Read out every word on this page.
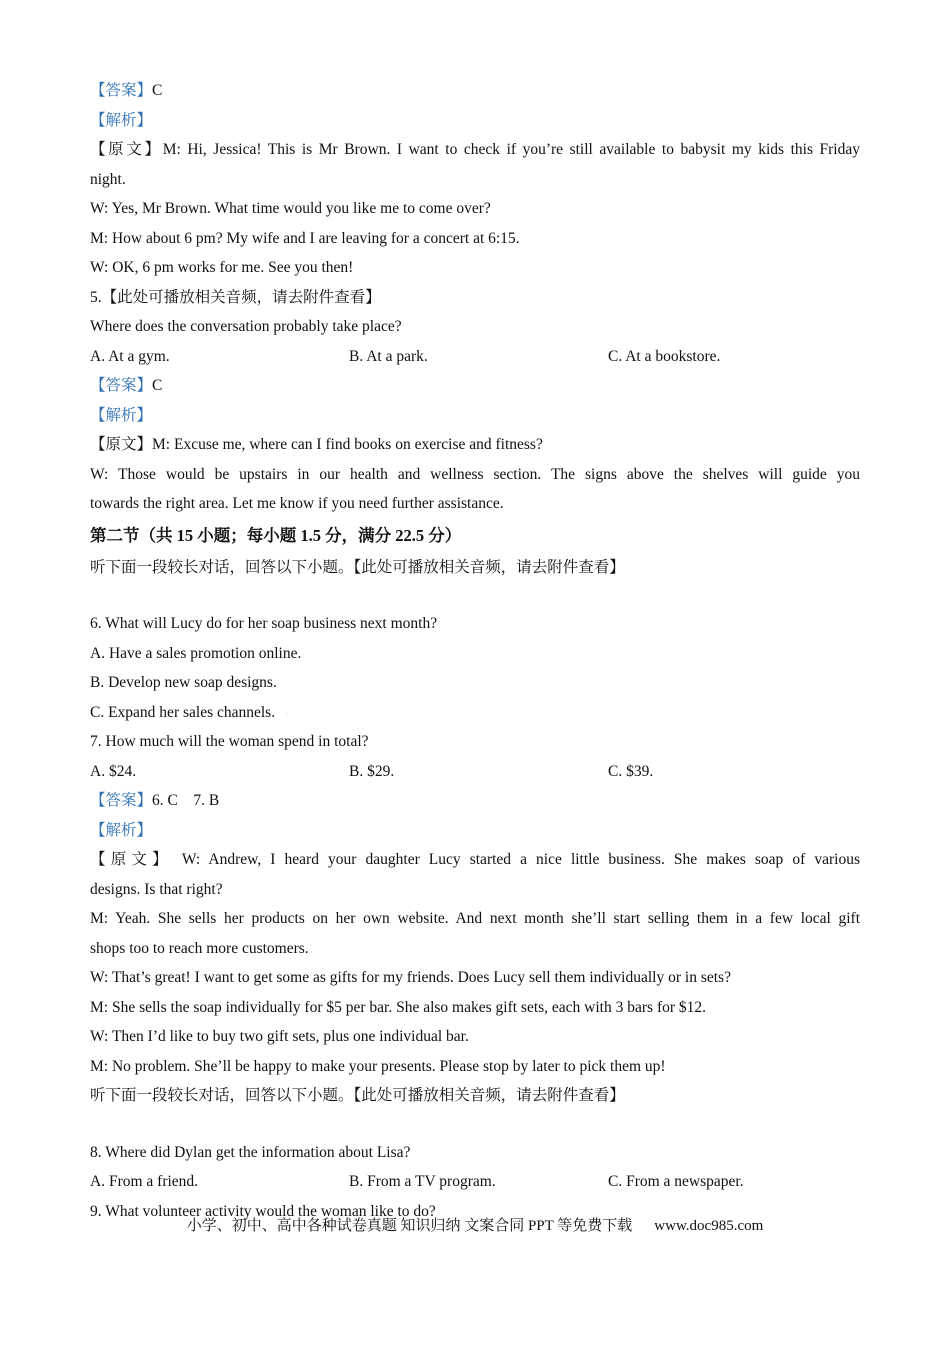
【答案】C
【解析】
【原文】M: Hi, Jessica! This is Mr Brown. I want to check if you’re still available to babysit my kids this Friday
night.
W: Yes, Mr Brown. What time would you like me to come over?
M: How about 6 pm? My wife and I are leaving for a concert at 6:15.
W: OK, 6 pm works for me. See you then!
5.【此处可播放相关音频，请去附件查看】
Where does the conversation probably take place?
A. At a gym.	B. At a park.	C. At a bookstore.
【答案】C
【解析】
【原文】M: Excuse me, where can I find books on exercise and fitness?
W: Those would be upstairs in our health and wellness section. The signs above the shelves will guide you
towards the right area. Let me know if you need further assistance.
第二节（共 15 小题；每小题 1.5 分，满分 22.5 分）
听下面一段较长对话，回答以下小题。【此处可播放相关音频，请去附件查看】
6. What will Lucy do for her soap business next month?
A. Have a sales promotion online.
B. Develop new soap designs.
C. Expand her sales channels. ·
7. How much will the woman spend in total?
A. $24.	B. $29.	C. $39.
【答案】6. C    7. B
【解析】
【原文】 W: Andrew, I heard your daughter Lucy started a nice little business. She makes soap of various
designs. Is that right?
M: Yeah. She sells her products on her own website. And next month she’ll start selling them in a few local gift
shops too to reach more customers.
W: That’s great! I want to get some as gifts for my friends. Does Lucy sell them individually or in sets?
M: She sells the soap individually for $5 per bar. She also makes gift sets, each with 3 bars for $12.
W: Then I’d like to buy two gift sets, plus one individual bar.
M: No problem. She’ll be happy to make your presents. Please stop by later to pick them up!
听下面一段较长对话，回答以下小题。【此处可播放相关音频，请去附件查看】
8. Where did Dylan get the information about Lisa?
A. From a friend.	B. From a TV program.	C. From a newspaper.
9. What volunteer activity would the woman like to do?
小学、初中、高中各种试卷真题 知识归纳 文案合同 PPT 等免费下载 www.doc985.com
